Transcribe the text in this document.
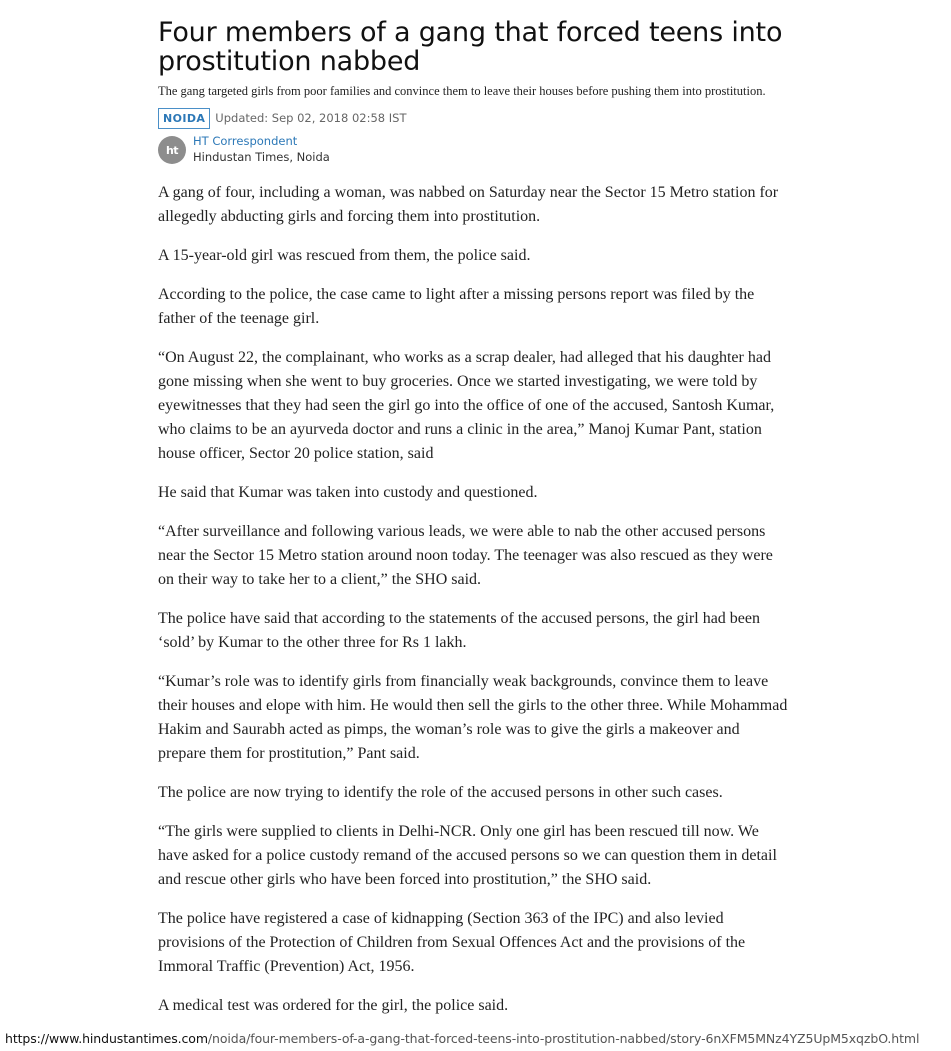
Four members of a gang that forced teens into prostitution nabbed

The gang targeted girls from poor families and convince them to leave their houses before pushing them into prostitution.

NOIDA Updated: Sep 02, 2018 02:58 IST
ht
HT Correspondent
Hindustan Times, Noida

A gang of four, including a woman, was nabbed on Saturday near the Sector 15 Metro station for allegedly abducting girls and forcing them into prostitution.

A 15-year-old girl was rescued from them, the police said.

According to the police, the case came to light after a missing persons report was filed by the father of the teenage girl.

“On August 22, the complainant, who works as a scrap dealer, had alleged that his daughter had gone missing when she went to buy groceries. Once we started investigating, we were told by eyewitnesses that they had seen the girl go into the office of one of the accused, Santosh Kumar, who claims to be an ayurveda doctor and runs a clinic in the area,” Manoj Kumar Pant, station house officer, Sector 20 police station, said

He said that Kumar was taken into custody and questioned.

“After surveillance and following various leads, we were able to nab the other accused persons near the Sector 15 Metro station around noon today. The teenager was also rescued as they were on their way to take her to a client,” the SHO said.

The police have said that according to the statements of the accused persons, the girl had been ‘sold’ by Kumar to the other three for Rs 1 lakh.

“Kumar’s role was to identify girls from financially weak backgrounds, convince them to leave their houses and elope with him. He would then sell the girls to the other three. While Mohammad Hakim and Saurabh acted as pimps, the woman’s role was to give the girls a makeover and prepare them for prostitution,” Pant said.

The police are now trying to identify the role of the accused persons in other such cases.

“The girls were supplied to clients in Delhi-NCR. Only one girl has been rescued till now. We have asked for a police custody remand of the accused persons so we can question them in detail and rescue other girls who have been forced into prostitution,” the SHO said.

The police have registered a case of kidnapping (Section 363 of the IPC) and also levied provisions of the Protection of Children from Sexual Offences Act and the provisions of the Immoral Traffic (Prevention) Act, 1956.

A medical test was ordered for the girl, the police said.

https://www.hindustantimes.com/noida/four-members-of-a-gang-that-forced-teens-into-prostitution-nabbed/story-6nXFM5MNz4YZ5UpM5xqzbO.html
